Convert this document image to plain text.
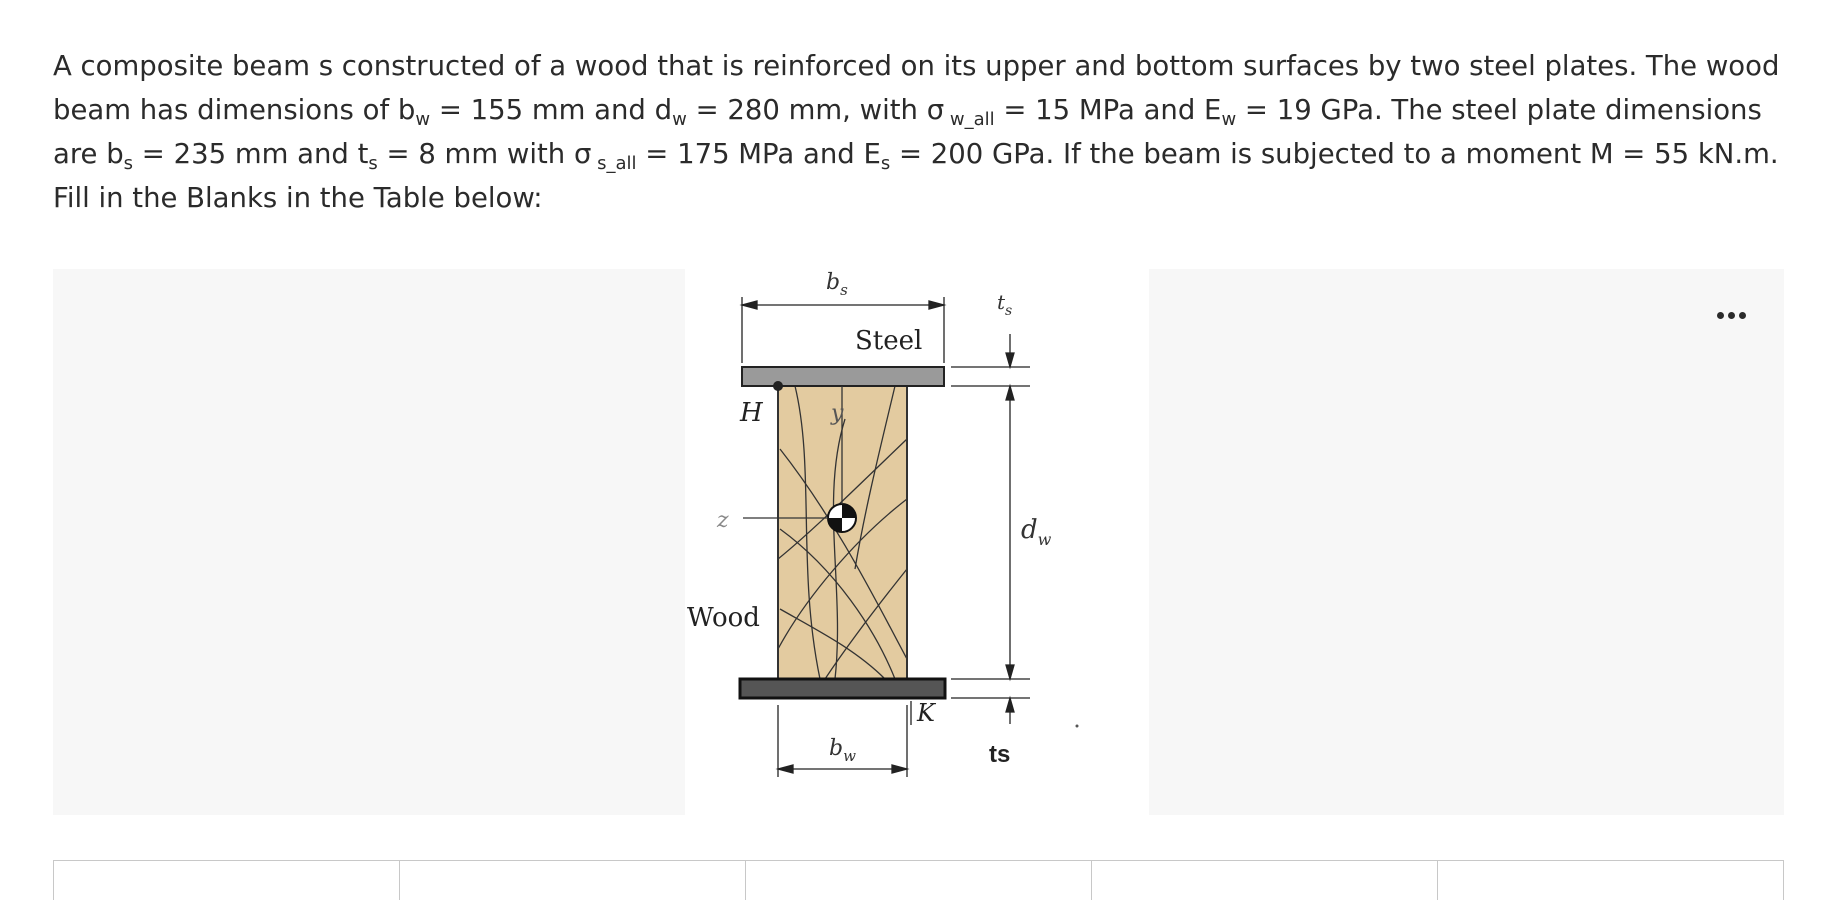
A composite beam s constructed of a wood that is reinforced on its upper and bottom surfaces by two steel plates. The wood beam has dimensions of $b_w = 155$ mm and $d_w = 280$ mm, with σ $_{w\_all}$ = 15 MPa and $E_w = 19$ GPa. The steel plate dimensions are $b_s = 235$ mm and $t_s = 8$ mm with σ $_{s\_all}$ = 175 MPa and $E_s = 200$ GPa. If the beam is subjected to a moment M = 55 kN.m. Fill in the Blanks in the Table below:
Steel
Wood
H
K
y
z
$b_s$
$b_w$
$t_s$
$d_w$
ts
